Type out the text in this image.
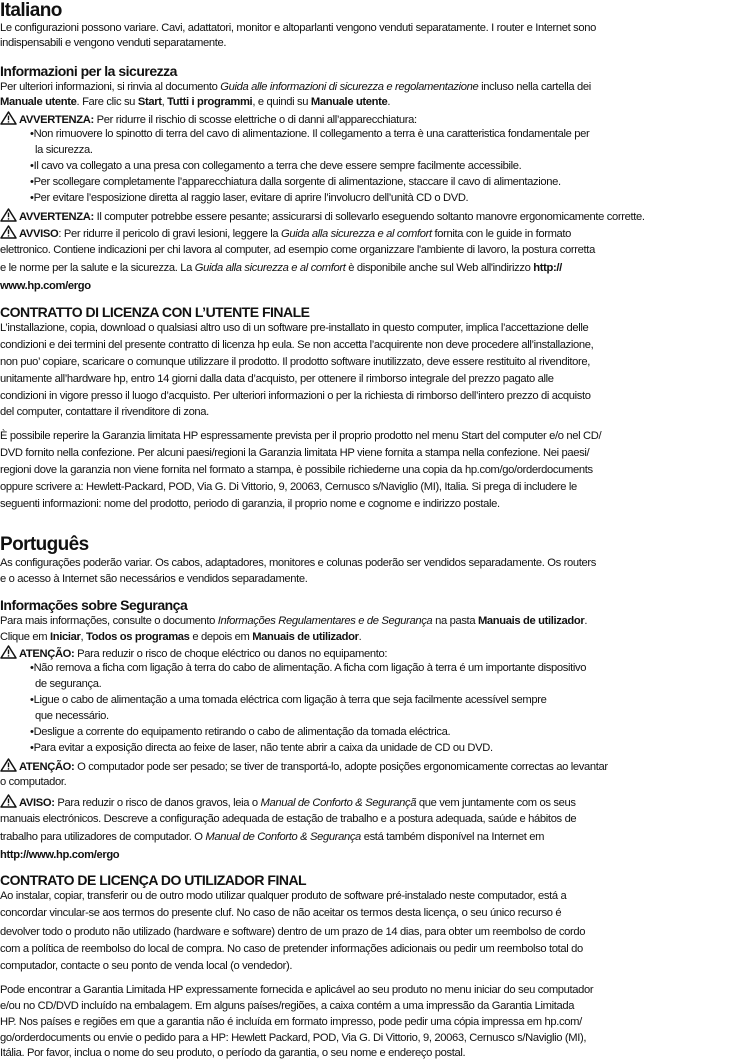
Italiano
Le configurazioni possono variare. Cavi, adattatori, monitor e altoparlanti vengono venduti separatamente. I router e Internet sono
indispensabili e vengono venduti separatamente.
Informazioni per la sicurezza
Per ulteriori informazioni, si rinvia al documento Guida alle informazioni di sicurezza e regolamentazione incluso nella cartella dei
Manuale utente. Fare clic su Start, Tutti i programmi, e quindi su Manuale utente.
AVVERTENZA: Per ridurre il rischio di scosse elettriche o di danni all’apparecchiatura:
•Non rimuovere lo spinotto di terra del cavo di alimentazione. Il collegamento a terra è una caratteristica fondamentale per
la sicurezza.
•Il cavo va collegato a una presa con collegamento a terra che deve essere sempre facilmente accessibile.
•Per scollegare completamente l’apparecchiatura dalla sorgente di alimentazione, staccare il cavo di alimentazione.
•Per evitare l’esposizione diretta al raggio laser, evitare di aprire l’involucro dell’unità CD o DVD.
AVVERTENZA: Il computer potrebbe essere pesante; assicurarsi di sollevarlo eseguendo soltanto manovre ergonomicamente corrette.
AVVISO: Per ridurre il pericolo di gravi lesioni, leggere la Guida alla sicurezza e al comfort fornita con le guide in formato
elettronico. Contiene indicazioni per chi lavora al computer, ad esempio come organizzare l'ambiente di lavoro, la postura corretta
e le norme per la salute e la sicurezza. La Guida alla sicurezza e al comfort è disponibile anche sul Web all'indirizzo http://
www.hp.com/ergo
CONTRATTO DI LICENZA CON L’UTENTE FINALE
L’installazione, copia, download o qualsiasi altro uso di un software pre-installato in questo computer, implica l’accettazione delle
condizioni e dei termini del presente contratto di licenza hp eula. Se non accetta l’acquirente non deve procedere all’installazione,
non puo’ copiare, scaricare o comunque utilizzare il prodotto. Il prodotto software inutilizzato, deve essere restituito al rivenditore,
unitamente all’hardware hp, entro 14 giorni dalla data d’acquisto, per ottenere il rimborso integrale del prezzo pagato alle
condizioni in vigore presso il luogo d’acquisto. Per ulteriori informazioni o per la richiesta di rimborso dell’intero prezzo di acquisto
del computer, contattare il rivenditore di zona.
È possibile reperire la Garanzia limitata HP espressamente prevista per il proprio prodotto nel menu Start del computer e/o nel CD/
DVD fornito nella confezione. Per alcuni paesi/regioni la Garanzia limitata HP viene fornita a stampa nella confezione. Nei paesi/
regioni dove la garanzia non viene fornita nel formato a stampa, è possibile richiederne una copia da hp.com/go/orderdocuments
oppure scrivere a: Hewlett-Packard, POD, Via G. Di Vittorio, 9, 20063, Cernusco s/Naviglio (MI), Italia. Si prega di includere le
seguenti informazioni: nome del prodotto, periodo di garanzia, il proprio nome e cognome e indirizzo postale.
Português
As configurações poderão variar. Os cabos, adaptadores, monitores e colunas poderão ser vendidos separadamente. Os routers
e o acesso à Internet são necessários e vendidos separadamente.
Informações sobre Segurança
Para mais informações, consulte o documento Informações Regulamentares e de Segurança na pasta Manuais de utilizador.
Clique em Iniciar, Todos os programas e depois em Manuais de utilizador.
ATENÇÃO: Para reduzir o risco de choque eléctrico ou danos no equipamento:
•Não remova a ficha com ligação à terra do cabo de alimentação. A ficha com ligação à terra é um importante dispositivo
de segurança.
•Ligue o cabo de alimentação a uma tomada eléctrica com ligação à terra que seja facilmente acessível sempre
que necessário.
•Desligue a corrente do equipamento retirando o cabo de alimentação da tomada eléctrica.
•Para evitar a exposição directa ao feixe de laser, não tente abrir a caixa da unidade de CD ou DVD.
ATENÇÃO: O computador pode ser pesado; se tiver de transportá-lo, adopte posições ergonomicamente correctas ao levantar
o computador.
AVISO: Para reduzir o risco de danos gravos, leia o Manual de Conforto & Segurançã que vem juntamente com os seus
manuais electrónicos. Descreve a configuração adequada de estação de trabalho e a postura adequada, saúde e hábitos de
trabalho para utilizadores de computador. O Manual de Conforto & Segurança está também disponível na Internet em
http://www.hp.com/ergo
CONTRATO DE LICENÇA DO UTILIZADOR FINAL
Ao instalar, copiar, transferir ou de outro modo utilizar qualquer produto de software pré-instalado neste computador, está a
concordar vincular-se aos termos do presente cluf. No caso de não aceitar os termos desta licença, o seu único recurso é
devolver todo o produto não utilizado (hardware e software) dentro de um prazo de 14 dias, para obter um reembolso de cordo
com a política de reembolso do local de compra. No caso de pretender informações adicionais ou pedir um reembolso total do
computador, contacte o seu ponto de venda local (o vendedor).
Pode encontrar a Garantia Limitada HP expressamente fornecida e aplicável ao seu produto no menu iniciar do seu computador
e/ou no CD/DVD incluído na embalagem. Em alguns países/regiões, a caixa contém a uma impressão da Garantia Limitada
HP. Nos países e regiões em que a garantia não é incluída em formato impresso, pode pedir uma cópia impressa em hp.com/
go/orderdocuments ou envie o pedido para a HP: Hewlett Packard, POD, Via G. Di Vittorio, 9, 20063, Cernusco s/Naviglio (MI),
Itália. Por favor, inclua o nome do seu produto, o período da garantia, o seu nome e endereço postal.
